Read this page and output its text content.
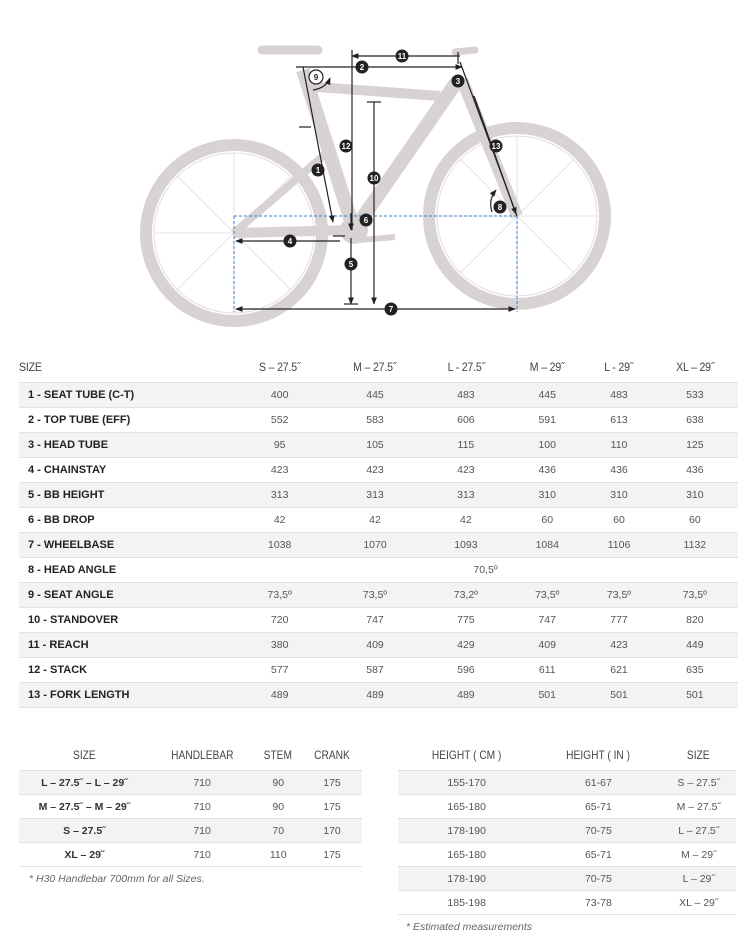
1
2
3
4
5
6
7
8
9
10
11
12	13
SIZE	S – 27.5˝	M – 27.5˝	L - 27.5˝	M – 29˝	L - 29˝	XL – 29˝
1 - SEAT TUBE (C-T)	400	445	483	445	483	533
2 - TOP TUBE (EFF)	552	583	606	591	613	638
3 - HEAD TUBE	95	105	115	100	110	125
4 - CHAINSTAY	423	423	423	436	436	436
5 - BB HEIGHT	313	313	313	310	310	310
6 - BB DROP	42	42	42	60	60	60
7 - WHEELBASE	1038	1070	1093	1084	1106	1132
8 - HEAD ANGLE	70,5º					
9 - SEAT ANGLE	73,5º	73,5º	73,2º	73,5º	73,5º	73,5º
10 - STANDOVER	720	747	775	747	777	820
11 - REACH	380	409	429	409	423	449
12 - STACK	577	587	596	611	621	635
13 - FORK LENGTH	489	489	489	501	501	501
SIZE	HANDLEBAR	STEM	CRANK
L – 27.5˝ – L – 29˝	710	90	175
M – 27.5˝ – M – 29˝	710	90	175
S – 27.5˝	710	70	170
XL – 29˝	710	110	175
* H30 Handlebar 700mm for all Sizes.
HEIGHT ( CM )	HEIGHT ( IN )	SIZE
155-170	61-67	S – 27.5˝
165-180	65-71	M – 27.5˝
178-190	70-75	L – 27.5˝
165-180	65-71	M – 29˝
178-190	70-75	L – 29˝
185-198	73-78	XL – 29˝
* Estimated measurements
